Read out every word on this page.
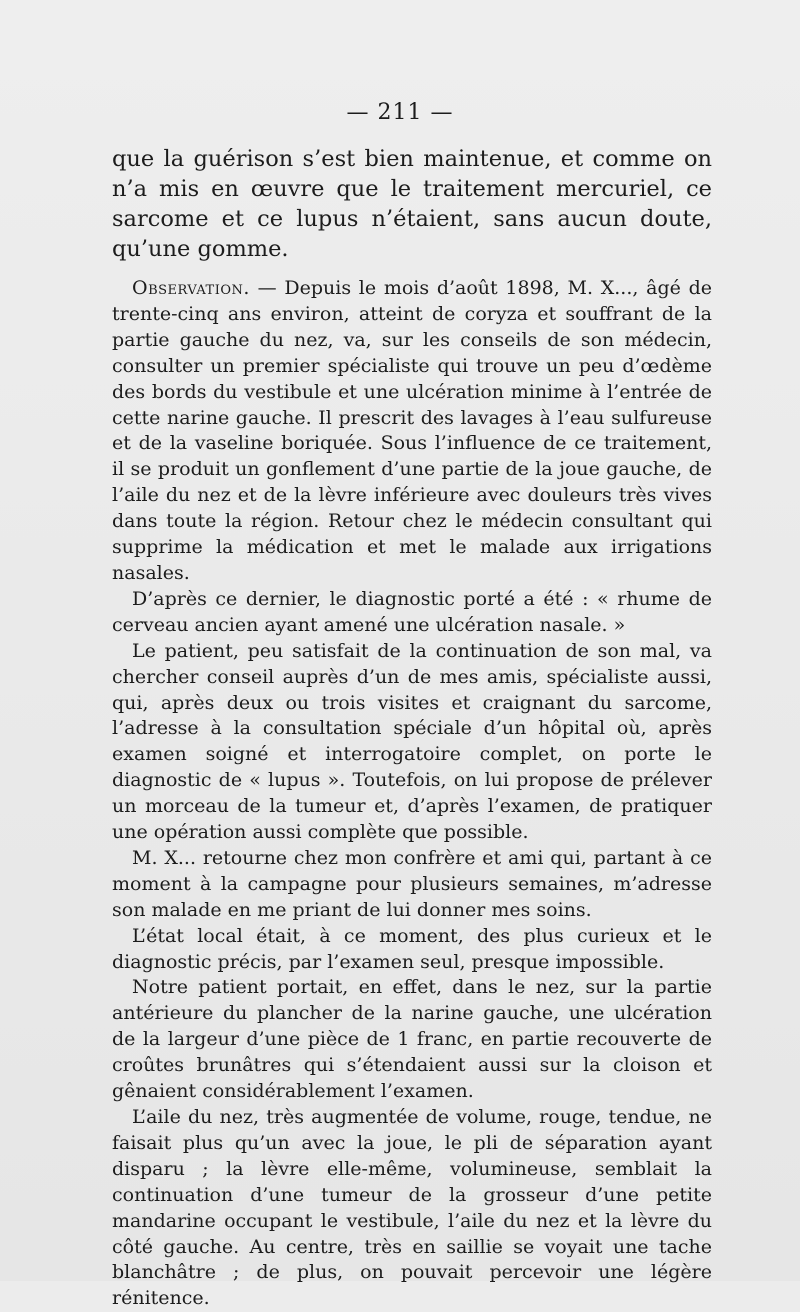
— 211 —

que la guérison s’est bien maintenue, et comme on n’a mis en œuvre que le traitement mercuriel, ce sarcome et ce lupus n’étaient, sans aucun doute, qu’une gomme.

Observation. — Depuis le mois d’août 1898, M. X..., âgé de trente-cinq ans environ, atteint de coryza et souffrant de la partie gauche du nez, va, sur les conseils de son médecin, consulter un premier spécialiste qui trouve un peu d’œdème des bords du vestibule et une ulcération minime à l’entrée de cette narine gauche. Il prescrit des lavages à l’eau sulfureuse et de la vaseline boriquée. Sous l’influence de ce traitement, il se produit un gonflement d’une partie de la joue gauche, de l’aile du nez et de la lèvre inférieure avec douleurs très vives dans toute la région. Retour chez le médecin consultant qui supprime la médication et met le malade aux irrigations nasales.

D’après ce dernier, le diagnostic porté a été : « rhume de cerveau ancien ayant amené une ulcération nasale. »

Le patient, peu satisfait de la continuation de son mal, va chercher conseil auprès d’un de mes amis, spécialiste aussi, qui, après deux ou trois visites et craignant du sarcome, l’adresse à la consultation spéciale d’un hôpital où, après examen soigné et interrogatoire complet, on porte le diagnostic de « lupus ». Toutefois, on lui propose de prélever un morceau de la tumeur et, d’après l’examen, de pratiquer une opération aussi complète que possible.

M. X... retourne chez mon confrère et ami qui, partant à ce moment à la campagne pour plusieurs semaines, m’adresse son malade en me priant de lui donner mes soins.

L’état local était, à ce moment, des plus curieux et le diagnostic précis, par l’examen seul, presque impossible.

Notre patient portait, en effet, dans le nez, sur la partie antérieure du plancher de la narine gauche, une ulcération de la largeur d’une pièce de 1 franc, en partie recouverte de croûtes brunâtres qui s’étendaient aussi sur la cloison et gênaient considérablement l’examen.

L’aile du nez, très augmentée de volume, rouge, tendue, ne faisait plus qu’un avec la joue, le pli de séparation ayant disparu ; la lèvre elle-même, volumineuse, semblait la continuation d’une tumeur de la grosseur d’une petite mandarine occupant le vestibule, l’aile du nez et la lèvre du côté gauche. Au centre, très en saillie se voyait une tache blanchâtre ; de plus, on pouvait percevoir une légère rénitence.
